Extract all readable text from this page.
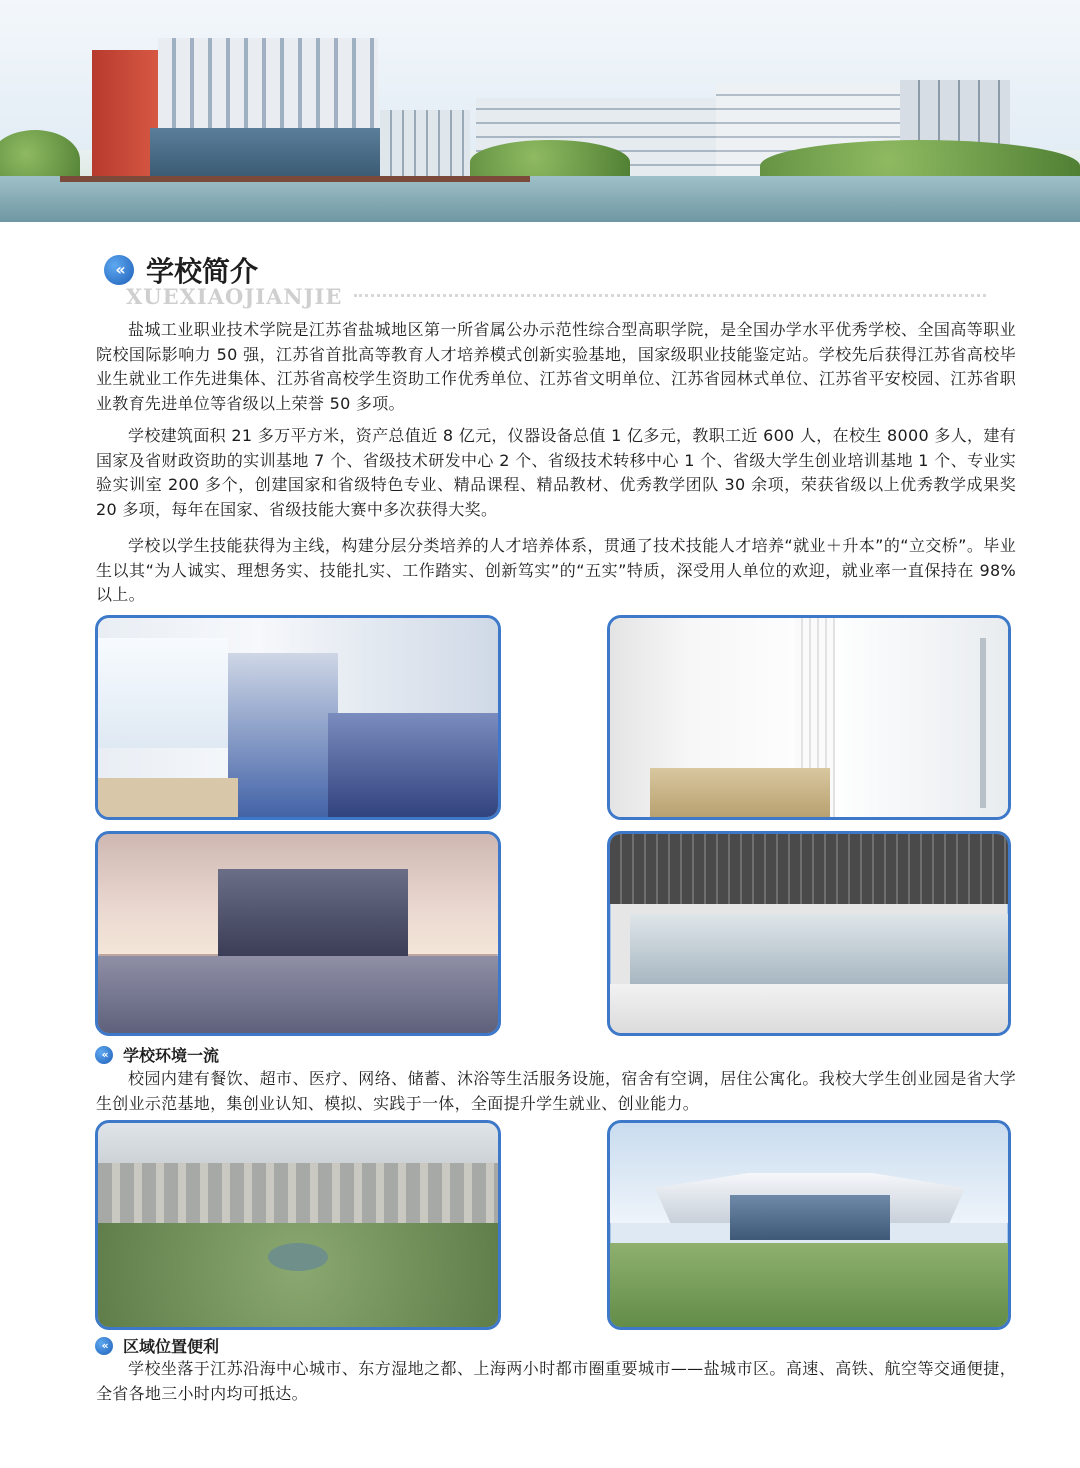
« 学校简介
XUEXIAOJIANJIE

盐城工业职业技术学院是江苏省盐城地区第一所省属公办示范性综合型高职学院，是全国办学水平优秀学校、全国高等职业院校国际影响力 50 强，江苏省首批高等教育人才培养模式创新实验基地，国家级职业技能鉴定站。学校先后获得江苏省高校毕业生就业工作先进集体、江苏省高校学生资助工作优秀单位、江苏省文明单位、江苏省园林式单位、江苏省平安校园、江苏省职业教育先进单位等省级以上荣誉 50 多项。

学校建筑面积 21 多万平方米，资产总值近 8 亿元，仪器设备总值 1 亿多元，教职工近 600 人，在校生 8000 多人，建有国家及省财政资助的实训基地 7 个、省级技术研发中心 2 个、省级技术转移中心 1 个、省级大学生创业培训基地 1 个、专业实验实训室 200 多个，创建国家和省级特色专业、精品课程、精品教材、优秀教学团队 30 余项，荣获省级以上优秀教学成果奖 20 多项，每年在国家、省级技能大赛中多次获得大奖。

学校以学生技能获得为主线，构建分层分类培养的人才培养体系，贯通了技术技能人才培养“就业＋升本”的“立交桥”。毕业生以其“为人诚实、理想务实、技能扎实、工作踏实、创新笃实”的“五实”特质，深受用人单位的欢迎，就业率一直保持在 98% 以上。

«	学校环境一流

校园内建有餐饮、超市、医疗、网络、储蓄、沐浴等生活服务设施，宿舍有空调，居住公寓化。我校大学生创业园是省大学生创业示范基地，集创业认知、模拟、实践于一体，全面提升学生就业、创业能力。

«	区域位置便利

学校坐落于江苏沿海中心城市、东方湿地之都、上海两小时都市圈重要城市——盐城市区。高速、高铁、航空等交通便捷，全省各地三小时内均可抵达。
